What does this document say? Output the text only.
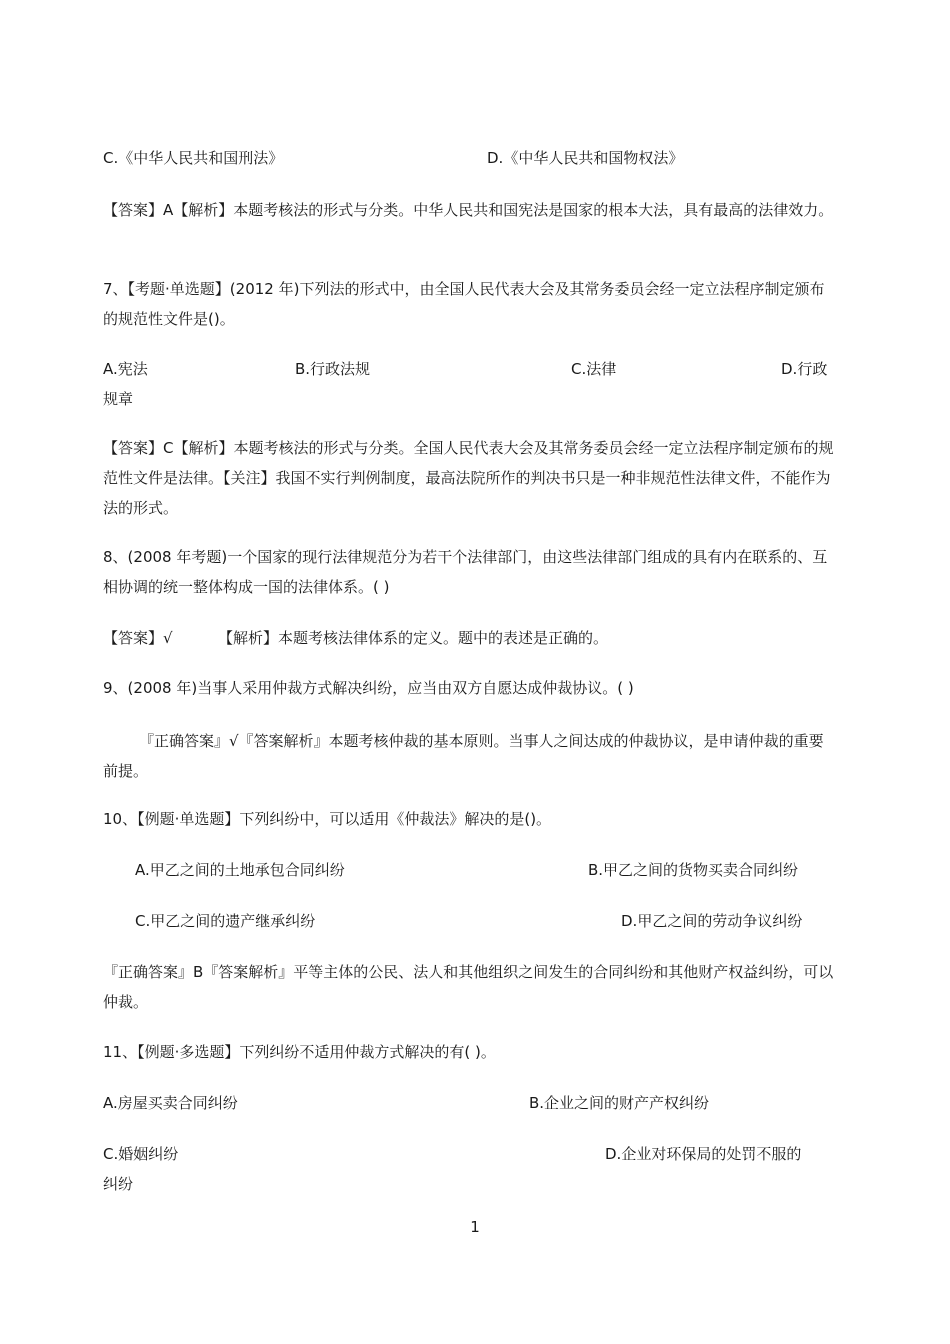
C.《中华人民共和国刑法》	D.《中华人民共和国物权法》
【答案】A【解析】本题考核法的形式与分类。中华人民共和国宪法是国家的根本大法，具有最高的法律效力。
7、【考题·单选题】(2012 年)下列法的形式中，由全国人民代表大会及其常务委员会经一定立法程序制定颁布的规范性文件是()。
A.宪法	B.行政法规	C.法律	D.行政
规章
【答案】C【解析】本题考核法的形式与分类。全国人民代表大会及其常务委员会经一定立法程序制定颁布的规范性文件是法律。【关注】我国不实行判例制度，最高法院所作的判决书只是一种非规范性法律文件，不能作为法的形式。
8、(2008 年考题)一个国家的现行法律规范分为若干个法律部门，由这些法律部门组成的具有内在联系的、互相协调的统一整体构成一国的法律体系。( )
【答案】√	【解析】本题考核法律体系的定义。题中的表述是正确的。
9、(2008 年)当事人采用仲裁方式解决纠纷，应当由双方自愿达成仲裁协议。( )
『正确答案』√『答案解析』本题考核仲裁的基本原则。当事人之间达成的仲裁协议，是申请仲裁的重要前提。
10、【例题·单选题】下列纠纷中，可以适用《仲裁法》解决的是()。
A.甲乙之间的土地承包合同纠纷	B.甲乙之间的货物买卖合同纠纷
C.甲乙之间的遗产继承纠纷	D.甲乙之间的劳动争议纠纷
『正确答案』B『答案解析』平等主体的公民、法人和其他组织之间发生的合同纠纷和其他财产权益纠纷，可以仲裁。
11、【例题·多选题】下列纠纷不适用仲裁方式解决的有( )。
A.房屋买卖合同纠纷	B.企业之间的财产产权纠纷
C.婚姻纠纷	D.企业对环保局的处罚不服的
纠纷
1
